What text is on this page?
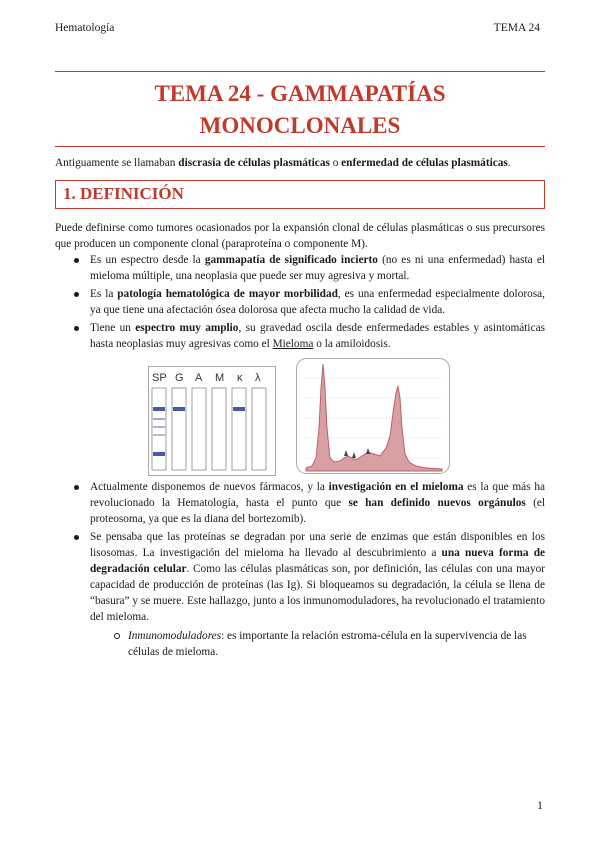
Hematología	TEMA 24
TEMA 24 - GAMMAPATÍAS
MONOCLONALES

Antiguamente se llamaban discrasia de células plasmáticas o enfermedad de células plasmáticas.

1. DEFINICIÓN

Puede definirse como tumores ocasionados por la expansión clonal de células plasmáticas o sus precursores que producen un componente clonal (paraproteína o componente M).

Es un espectro desde la gammapatía de significado incierto (no es ni una enfermedad) hasta el mieloma múltiple, una neoplasia que puede ser muy agresiva y mortal.
Es la patología hematológica de mayor morbilidad, es una enfermedad especialmente dolorosa, ya que tiene una afectación ósea dolorosa que afecta mucho la calidad de vida.
Tiene un espectro muy amplio, su gravedad oscila desde enfermedades estables y asintomáticas hasta neoplasias muy agresivas como el Mieloma o la amiloidosis.
SP G A M κ λ
Actualmente disponemos de nuevos fármacos, y la investigación en el mieloma es la que más ha revolucionado la Hematología, hasta el punto que se han definido nuevos orgánulos (el proteosoma, ya que es la diana del bortezomib).
Se pensaba que las proteínas se degradan por una serie de enzimas que están disponibles en los lisosomas. La investigación del mieloma ha llevado al descubrimiento a una nueva forma de degradación celular. Como las células plasmáticas son, por definición, las células con una mayor capacidad de producción de proteínas (las Ig). Si bloqueamos su degradación, la célula se llena de “basura” y se muere. Este hallazgo, junto a los inmunomoduladores, ha revolucionado el tratamiento del mieloma.
Inmunomoduladores: es importante la relación estroma-célula en la supervivencia de las células de mieloma.
1
